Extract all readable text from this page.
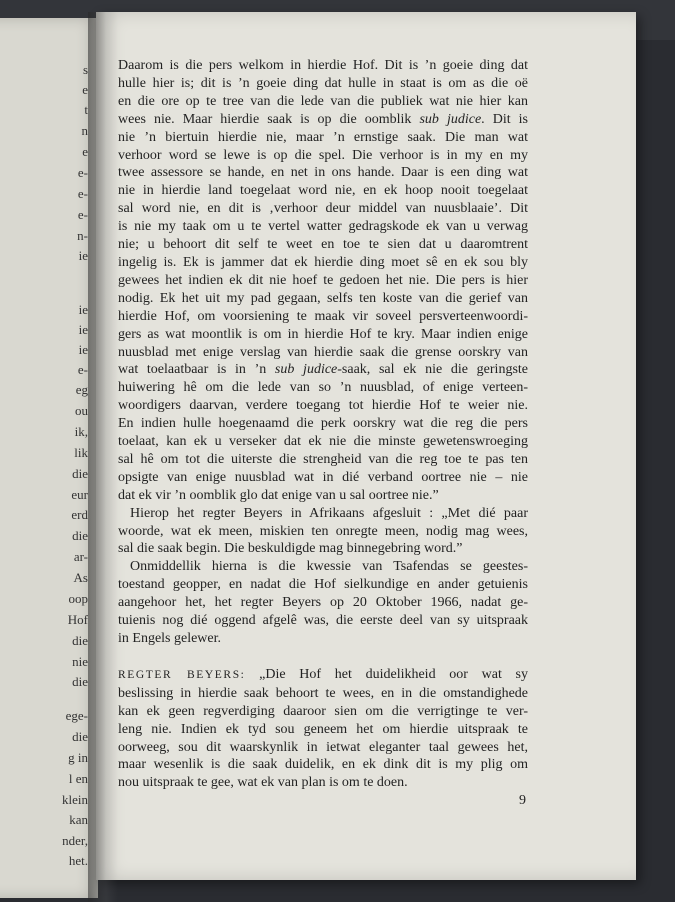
s
e
t
n
e
e-
e-
e-
n-
ie
ie
ie
ie
e-
eg
ou
ik,
lik
die
eur
erd
die
ar-
As
oop
Hof
die
nie
die
ege-
die
g in
l en
klein
kan
nder,
het.
Daarom is die pers welkom in hierdie Hof. Dit is ’n goeie ding dat
hulle hier is; dit is ’n goeie ding dat hulle in staat is om as die oë
en die ore op te tree van die lede van die publiek wat nie hier kan
wees nie. Maar hierdie saak is op die oomblik sub judice. Dit is
nie ’n biertuin hierdie nie, maar ’n ernstige saak. Die man wat
verhoor word se lewe is op die spel. Die verhoor is in my en my
twee assessore se hande, en net in ons hande. Daar is een ding wat
nie in hierdie land toegelaat word nie, en ek hoop nooit toegelaat
sal word nie, en dit is ‚verhoor deur middel van nuusblaaie’. Dit
is nie my taak om u te vertel watter gedragskode ek van u verwag
nie; u behoort dit self te weet en toe te sien dat u daaromtrent
ingelig is. Ek is jammer dat ek hierdie ding moet sê en ek sou bly
gewees het indien ek dit nie hoef te gedoen het nie. Die pers is hier
nodig. Ek het uit my pad gegaan, selfs ten koste van die gerief van
hierdie Hof, om voorsiening te maak vir soveel persverteenwoordi-
gers as wat moontlik is om in hierdie Hof te kry. Maar indien enige
nuusblad met enige verslag van hierdie saak die grense oorskry van
wat toelaatbaar is in ’n sub judice-saak, sal ek nie die geringste
huiwering hê om die lede van so ’n nuusblad, of enige verteen-
woordigers daarvan, verdere toegang tot hierdie Hof te weier nie.
En indien hulle hoegenaamd die perk oorskry wat die reg die pers
toelaat, kan ek u verseker dat ek nie die minste gewetenswroeging
sal hê om tot die uiterste die strengheid van die reg toe te pas ten
opsigte van enige nuusblad wat in dié verband oortree nie – nie
dat ek vir ’n oomblik glo dat enige van u sal oortree nie.”
Hierop het regter Beyers in Afrikaans afgesluit : „Met dié paar
woorde, wat ek meen, miskien ten onregte meen, nodig mag wees,
sal die saak begin. Die beskuldigde mag binnegebring word.”
Onmiddellik hierna is die kwessie van Tsafendas se geestes-
toestand geopper, en nadat die Hof sielkundige en ander getuienis
aangehoor het, het regter Beyers op 20 Oktober 1966, nadat ge-
tuienis nog dié oggend afgelê was, die eerste deel van sy uitspraak
in Engels gelewer.
REGTER BEYERS: „Die Hof het duidelikheid oor wat sy
beslissing in hierdie saak behoort te wees, en in die omstandighede
kan ek geen regverdiging daaroor sien om die verrigtinge te ver-
leng nie. Indien ek tyd sou geneem het om hierdie uitspraak te
oorweeg, sou dit waarskynlik in ietwat eleganter taal gewees het,
maar wesenlik is die saak duidelik, en ek dink dit is my plig om
nou uitspraak te gee, wat ek van plan is om te doen.
9
